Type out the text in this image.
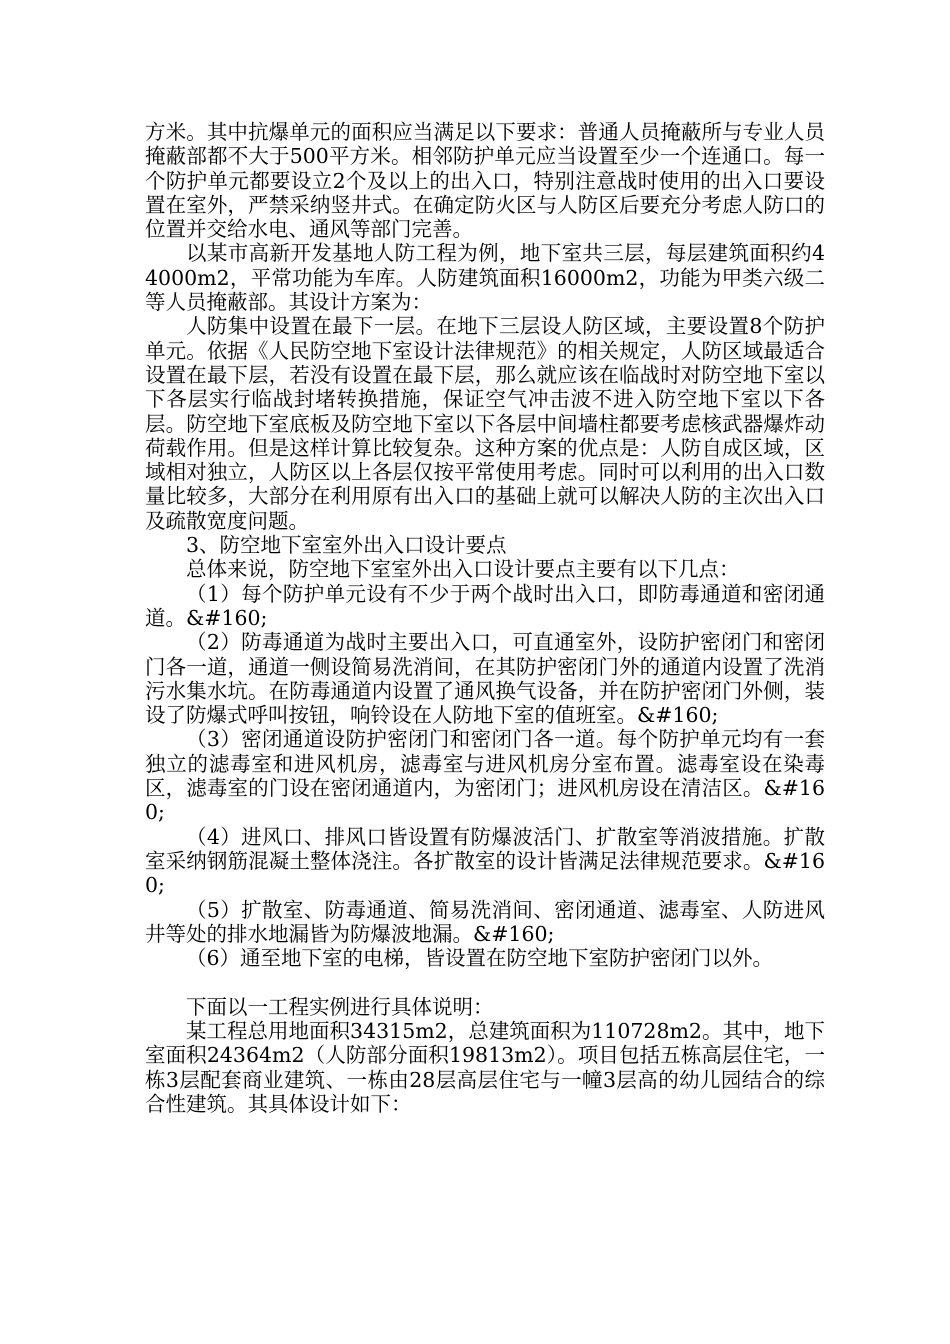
方米。其中抗爆单元的面积应当满足以下要求：普通人员掩蔽所与专业人员掩蔽部都不大于500平方米。相邻防护单元应当设置至少一个连通口。每一个防护单元都要设立2个及以上的出入口，特别注意战时使用的出入口要设置在室外，严禁采纳竖井式。在确定防火区与人防区后要充分考虑人防口的位置并交给水电、通风等部门完善。

以某市高新开发基地人防工程为例，地下室共三层，每层建筑面积约44000m2，平常功能为车库。人防建筑面积16000m2，功能为甲类六级二等人员掩蔽部。其设计方案为：

人防集中设置在最下一层。在地下三层设人防区域，主要设置8个防护单元。依据《人民防空地下室设计法律规范》的相关规定，人防区域最适合设置在最下层，若没有设置在最下层，那么就应该在临战时对防空地下室以下各层实行临战封堵转换措施，保证空气冲击波不进入防空地下室以下各层。防空地下室底板及防空地下室以下各层中间墙柱都要考虑核武器爆炸动荷载作用。但是这样计算比较复杂。这种方案的优点是：人防自成区域，区域相对独立，人防区以上各层仅按平常使用考虑。同时可以利用的出入口数量比较多，大部分在利用原有出入口的基础上就可以解决人防的主次出入口及疏散宽度问题。

3、防空地下室室外出入口设计要点

总体来说，防空地下室室外出入口设计要点主要有以下几点：

（1）每个防护单元设有不少于两个战时出入口，即防毒通道和密闭通道。&#160;

（2）防毒通道为战时主要出入口，可直通室外，设防护密闭门和密闭门各一道，通道一侧设简易洗消间，在其防护密闭门外的通道内设置了洗消污水集水坑。在防毒通道内设置了通风换气设备，并在防护密闭门外侧，装设了防爆式呼叫按钮，响铃设在人防地下室的值班室。&#160;

（3）密闭通道设防护密闭门和密闭门各一道。每个防护单元均有一套独立的滤毒室和进风机房，滤毒室与进风机房分室布置。滤毒室设在染毒区，滤毒室的门设在密闭通道内，为密闭门；进风机房设在清洁区。&#160;

（4）进风口、排风口皆设置有防爆波活门、扩散室等消波措施。扩散室采纳钢筋混凝土整体浇注。各扩散室的设计皆满足法律规范要求。&#160;

（5）扩散室、防毒通道、简易洗消间、密闭通道、滤毒室、人防进风井等处的排水地漏皆为防爆波地漏。&#160;

（6）通至地下室的电梯，皆设置在防空地下室防护密闭门以外。

下面以一工程实例进行具体说明：

某工程总用地面积34315m2，总建筑面积为110728m2。其中，地下室面积24364m2（人防部分面积19813m2）。项目包括五栋高层住宅，一栋3层配套商业建筑、一栋由28层高层住宅与一幢3层高的幼儿园结合的综合性建筑。其具体设计如下：
